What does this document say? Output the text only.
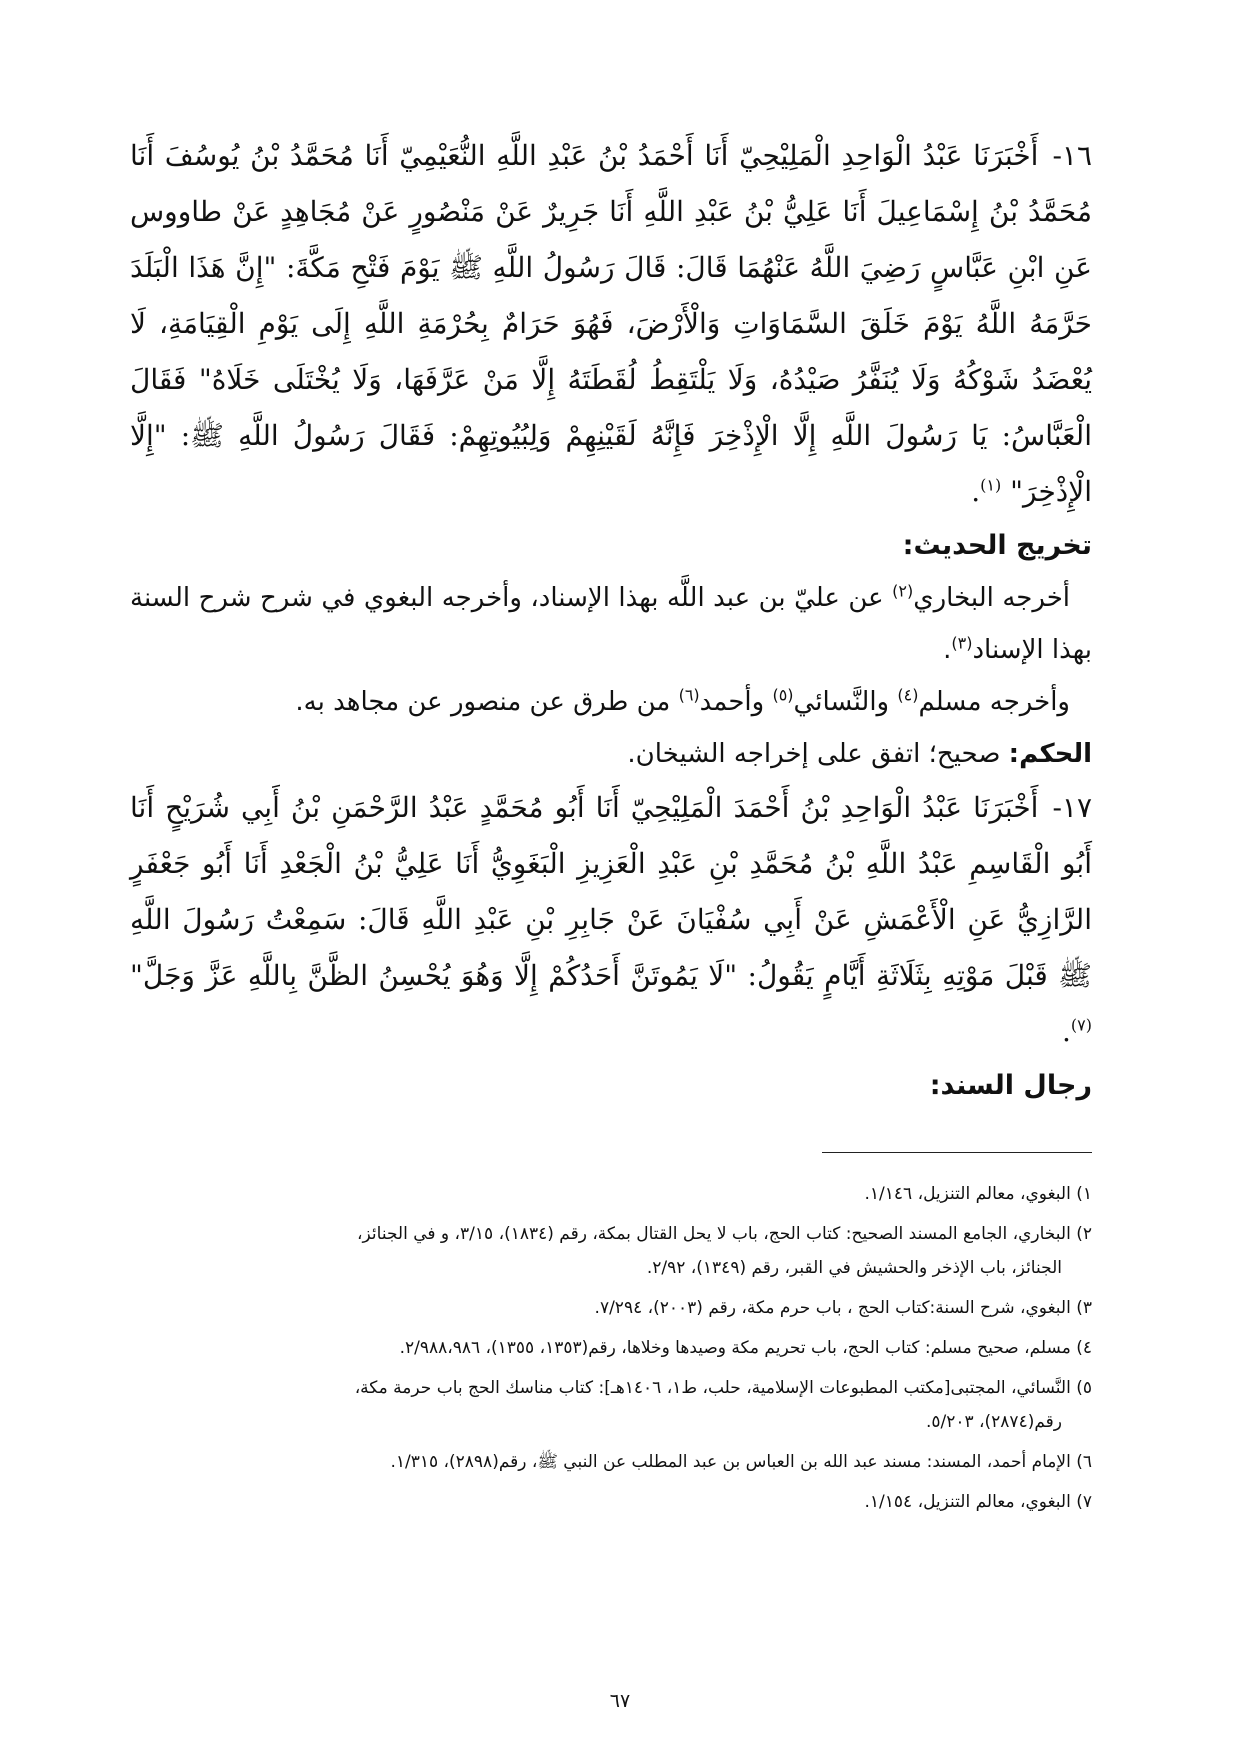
١٦-أَخْبَرَنَا عَبْدُ الْوَاحِدِ الْمَلِيْحِيّ أَنَا أَحْمَدُ بْنُ عَبْدِ اللَّهِ النُّعَيْمِيّ أَنَا مُحَمَّدُ بْنُ يُوسُفَ أَنَا مُحَمَّدُ بْنُ إِسْمَاعِيلَ أَنَا عَلِيُّ بْنُ عَبْدِ اللَّهِ أَنَا جَرِيرٌ عَنْ مَنْصُورٍ عَنْ مُجَاهِدٍ عَنْ طاووس عَنِ ابْنِ عَبَّاسٍ رَضِيَ اللَّهُ عَنْهُمَا قَالَ: قَالَ رَسُولُ اللَّهِ ﷺ يَوْمَ فَتْحِ مَكَّةَ: "إِنَّ هَذَا الْبَلَدَ حَرَّمَهُ اللَّهُ يَوْمَ خَلَقَ السَّمَاوَاتِ وَالْأَرْضَ، فَهُوَ حَرَامٌ بِحُرْمَةِ اللَّهِ إِلَى يَوْمِ الْقِيَامَةِ، لَا يُعْضَدُ شَوْكُهُ وَلَا يُنَفَّرُ صَيْدُهُ، وَلَا يَلْتَقِطُ لُقَطَتَهُ إِلَّا مَنْ عَرَّفَهَا، وَلَا يُخْتَلَى خَلَاهُ" فَقَالَ الْعَبَّاسُ: يَا رَسُولَ اللَّهِ إِلَّا الْإِذْخِرَ فَإِنَّهُ لَقَيْنِهِمْ وَلِبُيُوتِهِمْ: فَقَالَ رَسُولُ اللَّهِ ﷺ: "إِلَّا الْإِذْخِرَ" $^{(١)}$.

تخريج الحديث:

أخرجه البخاري$^{(٢)}$ عن عليّ بن عبد اللَّه بهذا الإسناد، وأخرجه البغوي في شرح شرح السنة بهذا الإسناد$^{(٣)}$.

وأخرجه مسلم$^{(٤)}$ والنَّسائي$^{(٥)}$ وأحمد$^{(٦)}$ من طرق عن منصور عن مجاهد به.

الحكم: صحيح؛ اتفق على إخراجه الشيخان.

١٧-أَخْبَرَنَا عَبْدُ الْوَاحِدِ بْنُ أَحْمَدَ الْمَلِيْحِيّ أَنَا أَبُو مُحَمَّدٍ عَبْدُ الرَّحْمَنِ بْنُ أَبِي شُرَيْحٍ أَنَا أَبُو الْقَاسِمِ عَبْدُ اللَّهِ بْنُ مُحَمَّدِ بْنِ عَبْدِ الْعَزِيزِ الْبَغَوِيُّ أَنَا عَلِيُّ بْنُ الْجَعْدِ أَنَا أَبُو جَعْفَرٍ الرَّازِيُّ عَنِ الْأَعْمَشِ عَنْ أَبِي سُفْيَانَ عَنْ جَابِرِ بْنِ عَبْدِ اللَّهِ قَالَ: سَمِعْتُ رَسُولَ اللَّهِ ﷺ قَبْلَ مَوْتِهِ بِثَلَاثَةِ أَيَّامٍ يَقُولُ: "لَا يَمُوتَنَّ أَحَدُكُمْ إِلَّا وَهُوَ يُحْسِنُ الظَّنَّ بِاللَّهِ عَزَّ وَجَلَّ"$^{(٧)}$.

رجال السند:

١) البغوي، معالم التنزيل، ١/١٤٦.
٢) البخاري، الجامع المسند الصحيح: كتاب الحج، باب لا يحل القتال بمكة، رقم (١٨٣٤)، ٣/١٥، و في الجنائز،
الجنائز، باب الإذخر والحشيش في القبر، رقم (١٣٤٩)، ٢/٩٢.
٣) البغوي، شرح السنة:كتاب الحج ، باب حرم مكة، رقم (٢٠٠٣)، ٧/٢٩٤.
٤) مسلم، صحيح مسلم: كتاب الحج، باب تحريم مكة وصيدها وخلاها، رقم(١٣٥٣، ١٣٥٥)، ٢/٩٨٨،٩٨٦.
٥) النَّسائي، المجتبى[مكتب المطبوعات الإسلامية، حلب، ط١، ١٤٠٦هـ]: كتاب مناسك الحج باب حرمة مكة،
رقم(٢٨٧٤)، ٥/٢٠٣.
٦) الإمام أحمد، المسند: مسند عبد الله بن العباس بن عبد المطلب عن النبي ﷺ، رقم(٢٨٩٨)، ١/٣١٥.
٧) البغوي، معالم التنزيل، ١/١٥٤.
٦٧
